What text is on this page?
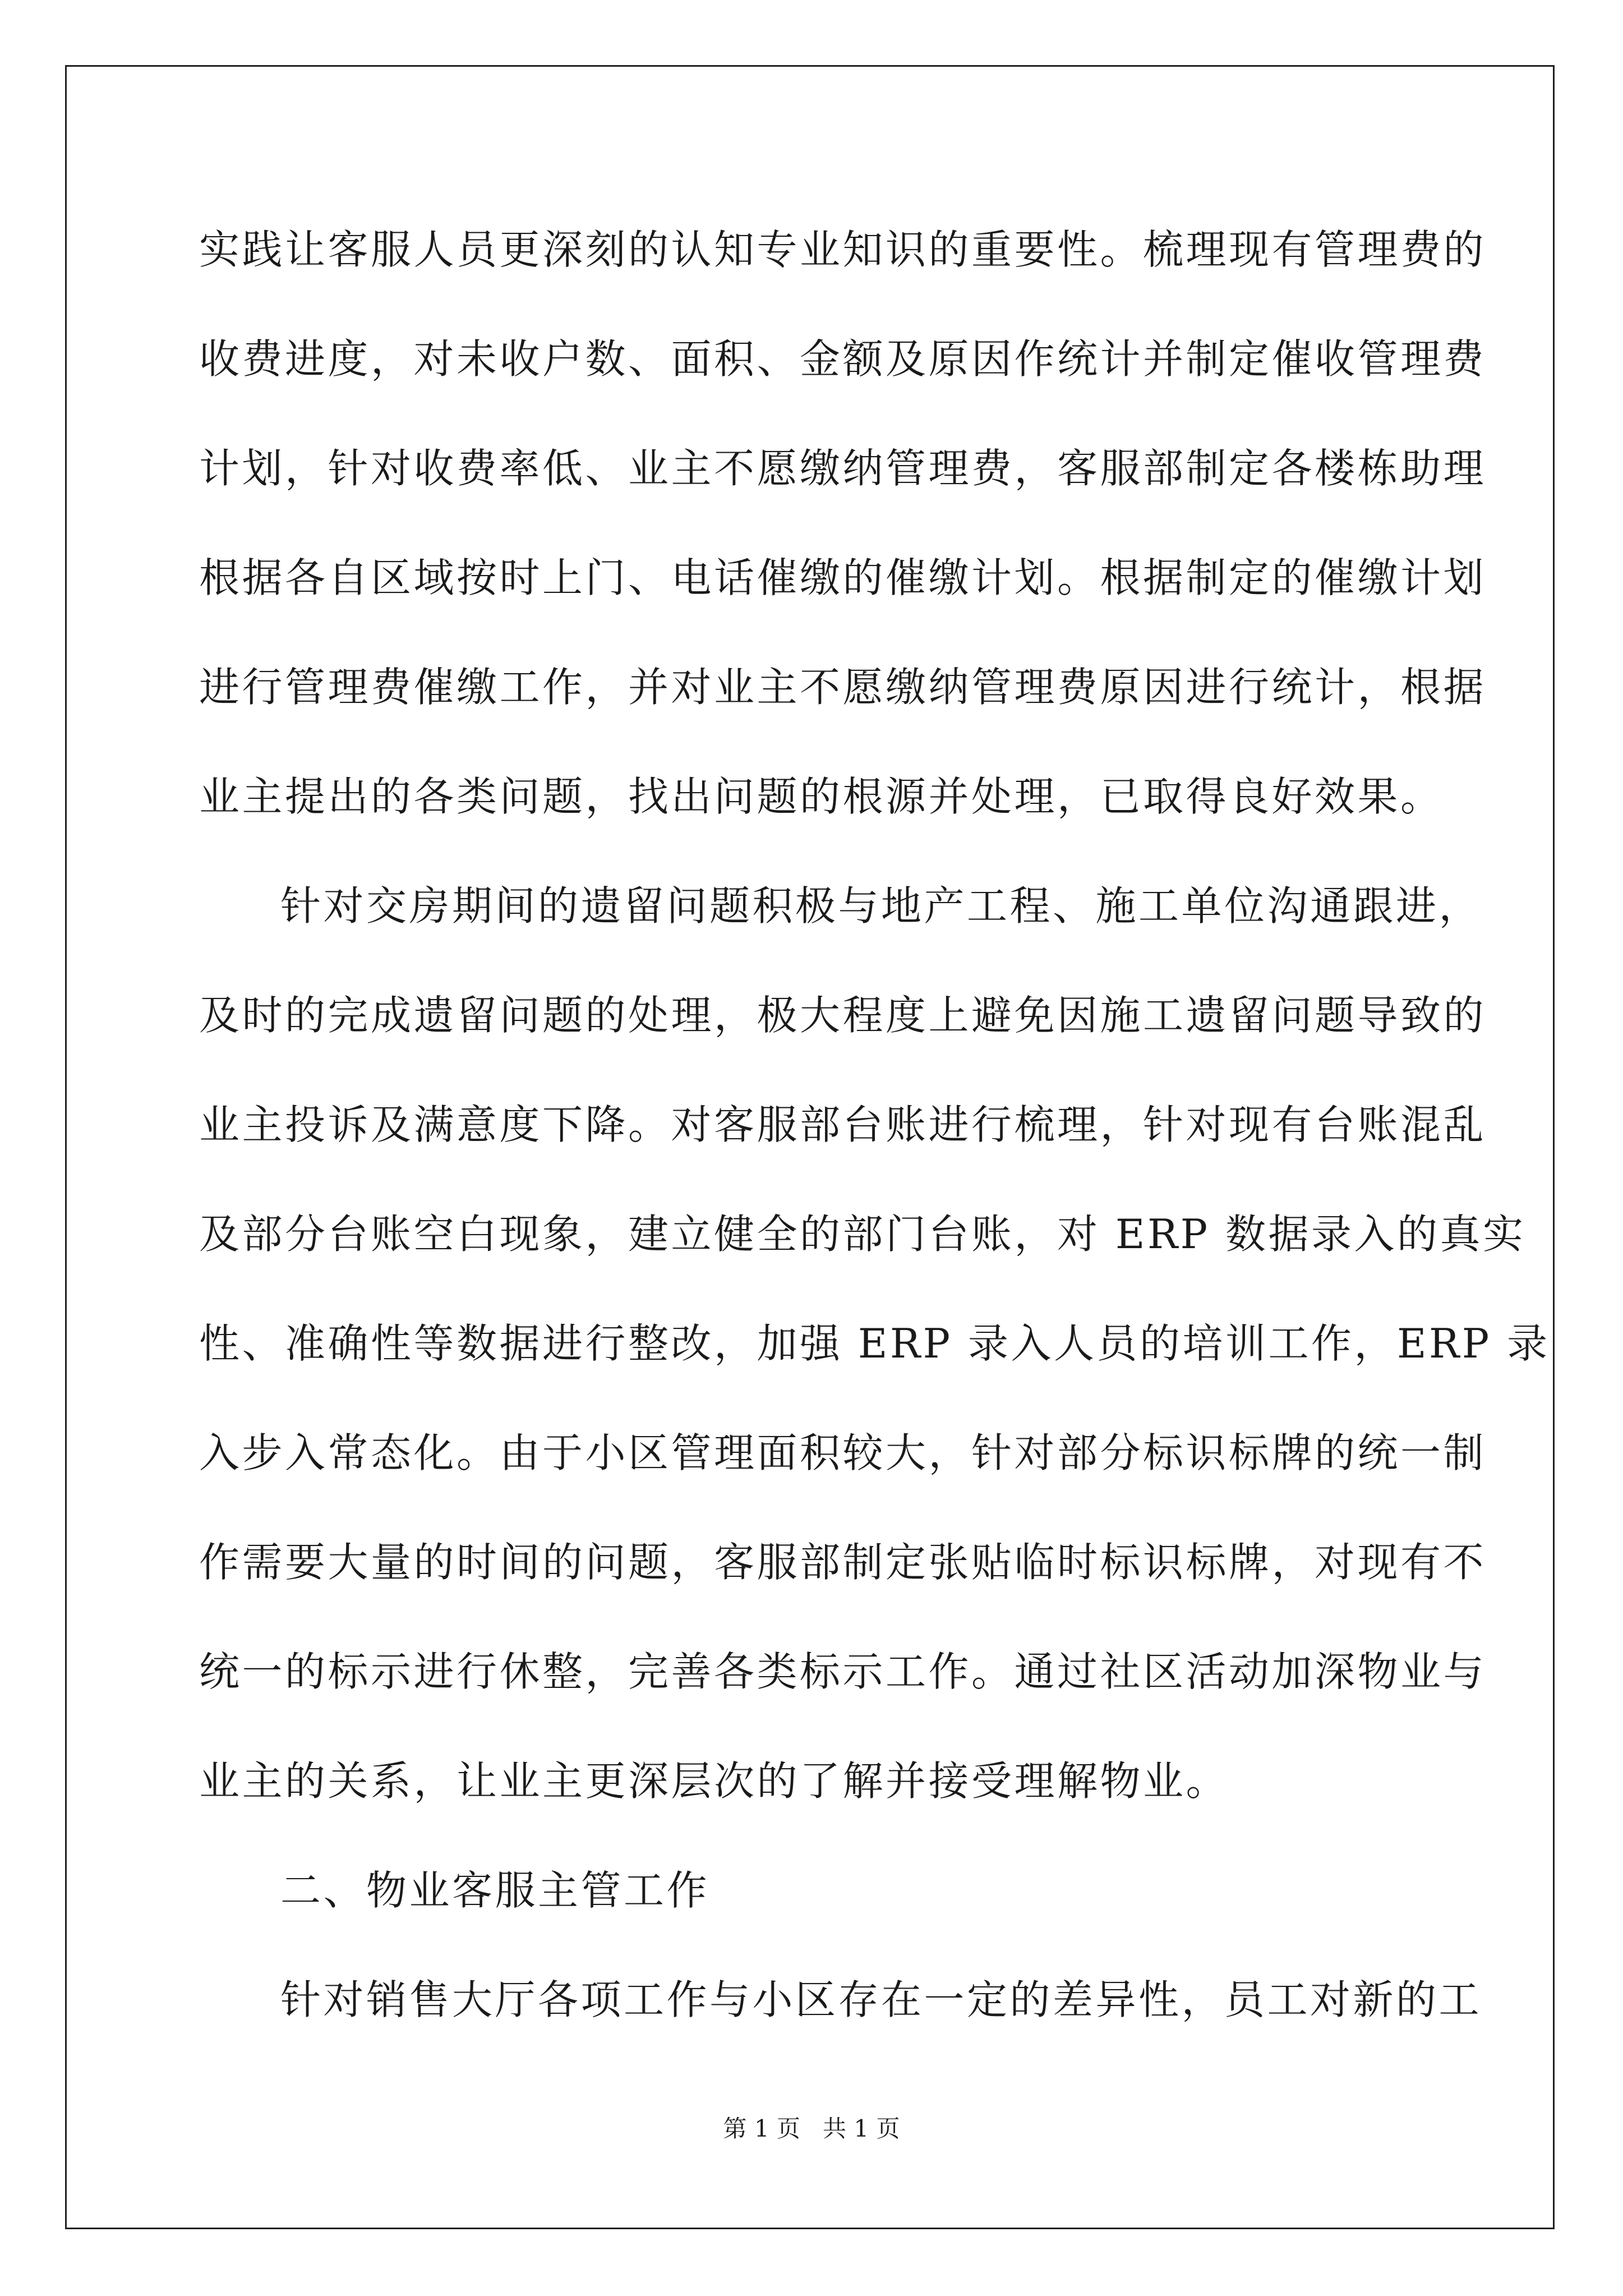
实践让客服人员更深刻的认知专业知识的重要性。梳理现有管理费的
收费进度，对未收户数、面积、金额及原因作统计并制定催收管理费
计划，针对收费率低、业主不愿缴纳管理费，客服部制定各楼栋助理
根据各自区域按时上门、电话催缴的催缴计划。根据制定的催缴计划
进行管理费催缴工作，并对业主不愿缴纳管理费原因进行统计，根据
业主提出的各类问题，找出问题的根源并处理，已取得良好效果。
针对交房期间的遗留问题积极与地产工程、施工单位沟通跟进，
及时的完成遗留问题的处理，极大程度上避免因施工遗留问题导致的
业主投诉及满意度下降。对客服部台账进行梳理，针对现有台账混乱
及部分台账空白现象，建立健全的部门台账，对 ERP 数据录入的真实
性、准确性等数据进行整改，加强 ERP 录入人员的培训工作，ERP 录
入步入常态化。由于小区管理面积较大，针对部分标识标牌的统一制
作需要大量的时间的问题，客服部制定张贴临时标识标牌，对现有不
统一的标示进行休整，完善各类标示工作。通过社区活动加深物业与
业主的关系，让业主更深层次的了解并接受理解物业。
二、物业客服主管工作
针对销售大厅各项工作与小区存在一定的差异性，员工对新的工
第 1 页   共 1 页
